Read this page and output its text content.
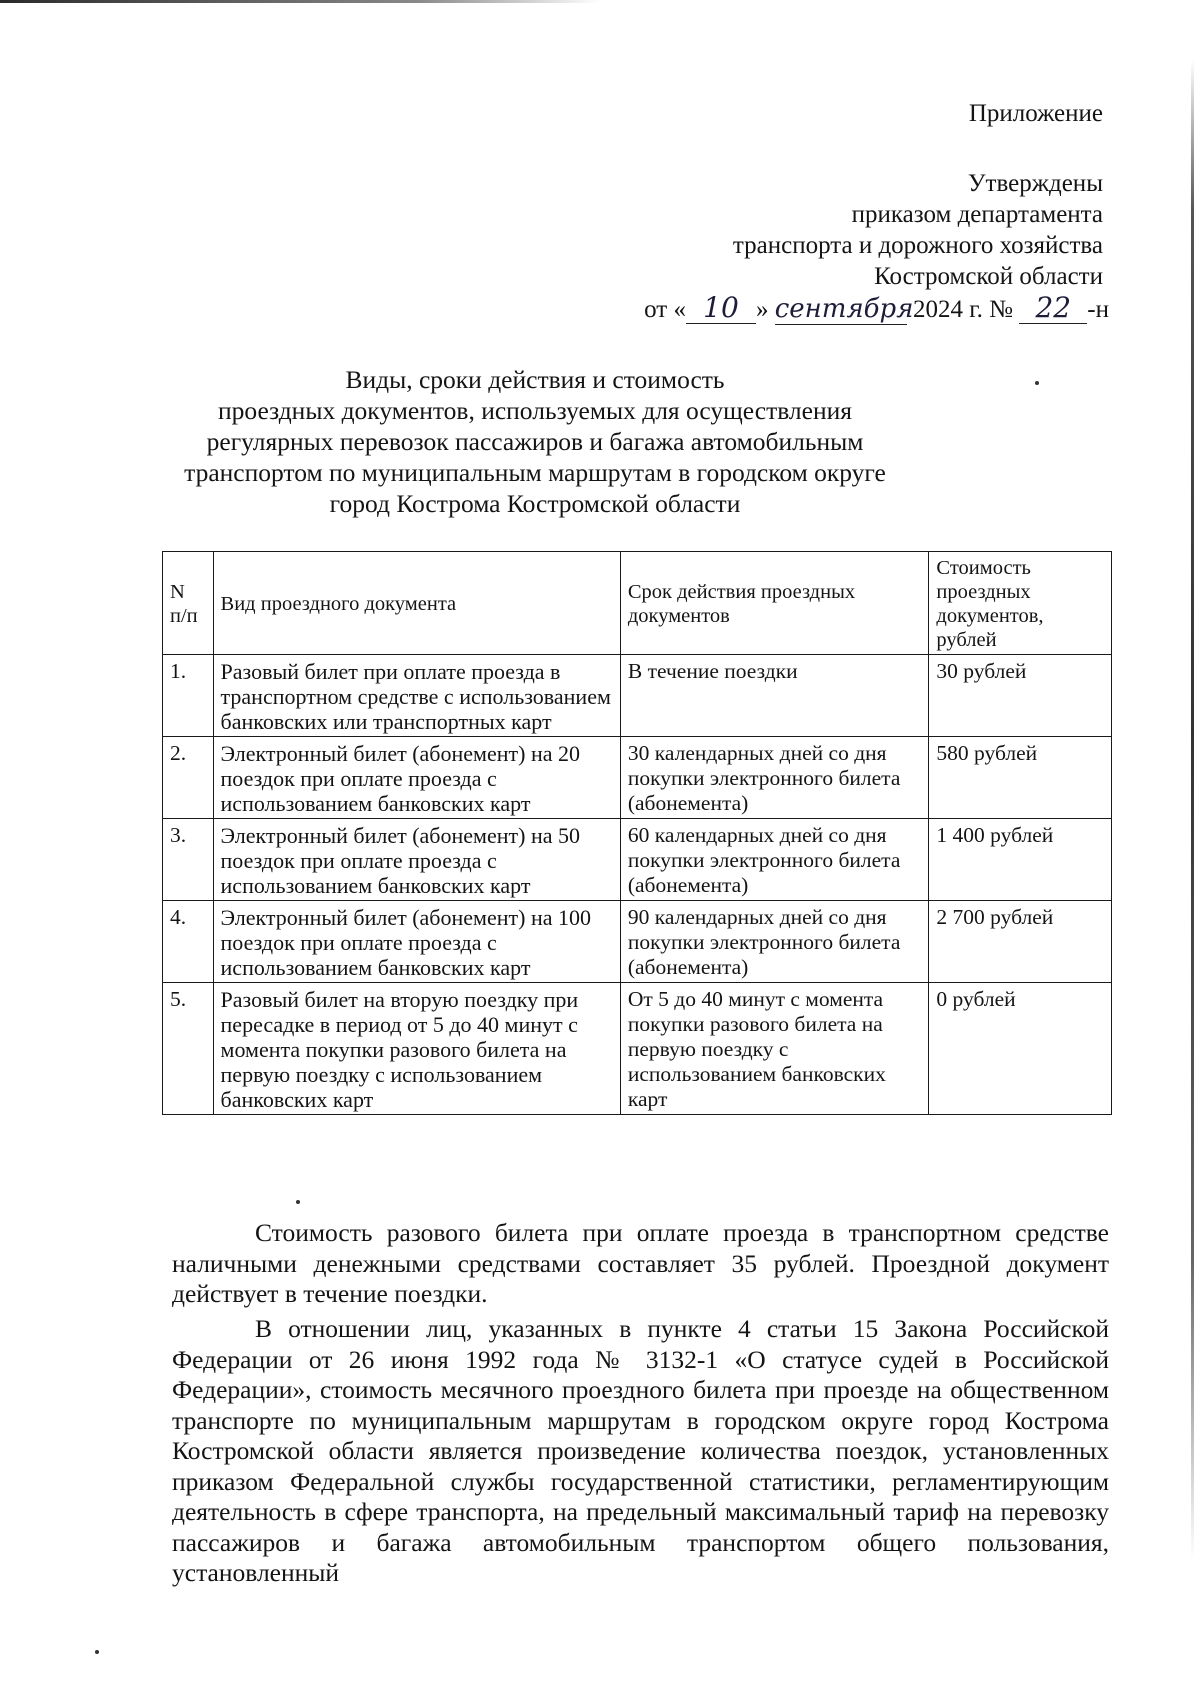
Приложение
Утверждены
приказом департамента
транспорта и дорожного хозяйства
Костромской области
от « 10 » сентября 2024 г. № 22 -н
Виды, сроки действия и стоимость
проездных документов, используемых для осуществления
регулярных перевозок пассажиров и багажа автомобильным
транспортом по муниципальным маршрутам в городском округе
город Кострома Костромской области
N п/п	Вид проездного документа	Срок действия проездных документов	Стоимость проездных документов, рублей
1.	Разовый билет при оплате проезда в транспортном средстве с использованием банковских или транспортных карт	В течение поездки	30 рублей
2.	Электронный билет (абонемент) на 20 поездок при оплате проезда с использованием банковских карт	30 календарных дней со дня покупки электронного билета (абонемента)	580 рублей
3.	Электронный билет (абонемент) на 50 поездок при оплате проезда с использованием банковских карт	60 календарных дней со дня покупки электронного билета (абонемента)	1 400 рублей
4.	Электронный билет (абонемент) на 100 поездок при оплате проезда с использованием банковских карт	90 календарных дней со дня покупки электронного билета (абонемента)	2 700 рублей
5.	Разовый билет на вторую поездку при пересадке в период от 5 до 40 минут с момента покупки разового билета на первую поездку с использованием банковских карт	От 5 до 40 минут с момента покупки разового билета на первую поездку с использованием банковских карт	0 рублей

Стоимость разового билета при оплате проезда в транспортном средстве наличными денежными средствами составляет 35 рублей. Проездной документ действует в течение поездки.

В отношении лиц, указанных в пункте 4 статьи 15 Закона Российской Федерации от 26 июня 1992 года № 3132-1 «О статусе судей в Российской Федерации», стоимость месячного проездного билета при проезде на общественном транспорте по муниципальным маршрутам в городском округе город Кострома Костромской области является произведение количества поездок, установленных приказом Федеральной службы государственной статистики, регламентирующим деятельность в сфере транспорта, на предельный максимальный тариф на перевозку пассажиров и багажа автомобильным транспортом общего пользования, установленный
